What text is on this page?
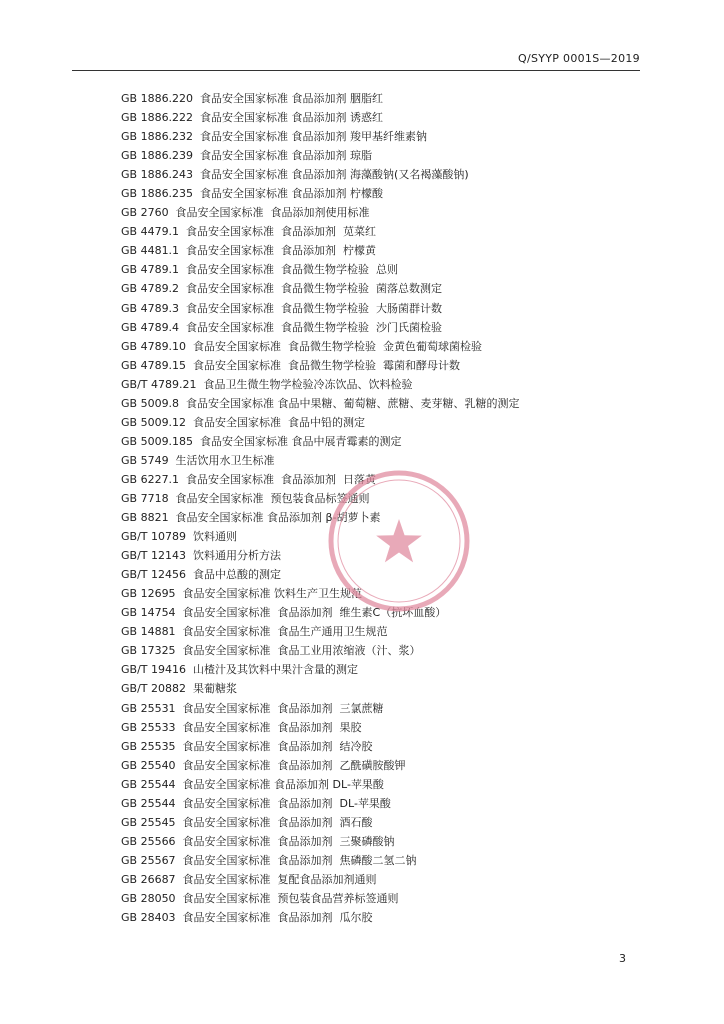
Q/SYYP 0001S—2019
GB 1886.220  食品安全国家标准 食品添加剂 胭脂红
GB 1886.222  食品安全国家标准 食品添加剂 诱惑红
GB 1886.232  食品安全国家标准 食品添加剂 羧甲基纤维素钠
GB 1886.239  食品安全国家标准 食品添加剂 琼脂
GB 1886.243  食品安全国家标准 食品添加剂 海藻酸钠(又名褐藻酸钠)
GB 1886.235  食品安全国家标准 食品添加剂 柠檬酸
GB 2760  食品安全国家标准  食品添加剂使用标准
GB 4479.1  食品安全国家标准  食品添加剂  苋菜红
GB 4481.1  食品安全国家标准  食品添加剂  柠檬黄
GB 4789.1  食品安全国家标准  食品微生物学检验  总则
GB 4789.2  食品安全国家标准  食品微生物学检验  菌落总数测定
GB 4789.3  食品安全国家标准  食品微生物学检验  大肠菌群计数
GB 4789.4  食品安全国家标准  食品微生物学检验  沙门氏菌检验
GB 4789.10  食品安全国家标准  食品微生物学检验  金黄色葡萄球菌检验
GB 4789.15  食品安全国家标准  食品微生物学检验  霉菌和酵母计数
GB/T 4789.21  食品卫生微生物学检验冷冻饮品、饮料检验
GB 5009.8  食品安全国家标准 食品中果糖、葡萄糖、蔗糖、麦芽糖、乳糖的测定
GB 5009.12  食品安全国家标准  食品中铅的测定
GB 5009.185  食品安全国家标准 食品中展青霉素的测定
GB 5749  生活饮用水卫生标准
GB 6227.1  食品安全国家标准  食品添加剂  日落黄
GB 7718  食品安全国家标准  预包装食品标签通则
GB 8821  食品安全国家标准 食品添加剂 β-胡萝卜素
GB/T 10789  饮料通则
GB/T 12143  饮料通用分析方法
GB/T 12456  食品中总酸的测定
GB 12695  食品安全国家标准 饮料生产卫生规范
GB 14754  食品安全国家标准  食品添加剂  维生素C（抗坏血酸）
GB 14881  食品安全国家标准  食品生产通用卫生规范
GB 17325  食品安全国家标准  食品工业用浓缩液（汁、浆）
GB/T 19416  山楂汁及其饮料中果汁含量的测定
GB/T 20882  果葡糖浆
GB 25531  食品安全国家标准  食品添加剂  三氯蔗糖
GB 25533  食品安全国家标准  食品添加剂  果胶
GB 25535  食品安全国家标准  食品添加剂  结冷胶
GB 25540  食品安全国家标准  食品添加剂  乙酰磺胺酸钾
GB 25544  食品安全国家标准 食品添加剂 DL-苹果酸
GB 25544  食品安全国家标准  食品添加剂  DL-苹果酸
GB 25545  食品安全国家标准  食品添加剂  酒石酸
GB 25566  食品安全国家标准  食品添加剂  三聚磷酸钠
GB 25567  食品安全国家标准  食品添加剂  焦磷酸二氢二钠
GB 26687  食品安全国家标准  复配食品添加剂通则
GB 28050  食品安全国家标准  预包装食品营养标签通则
GB 28403  食品安全国家标准  食品添加剂  瓜尔胶
3
